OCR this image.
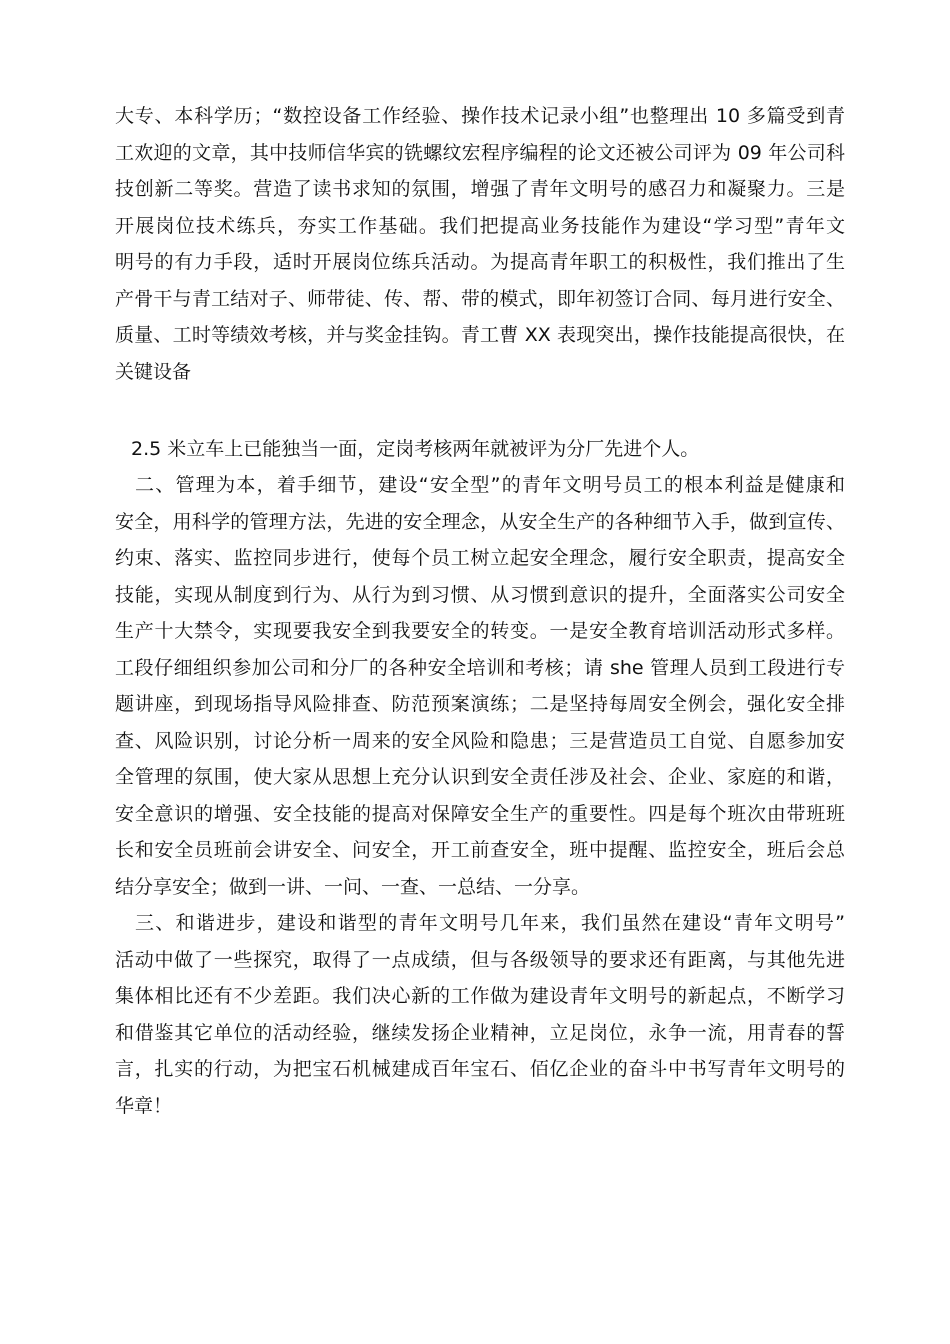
大专、本科学历；“数控设备工作经验、操作技术记录小组”也整理出 10 多篇受到青
工欢迎的文章，其中技师信华宾的铣螺纹宏程序编程的论文还被公司评为 09 年公司科
技创新二等奖。营造了读书求知的氛围，增强了青年文明号的感召力和凝聚力。三是
开展岗位技术练兵，夯实工作基础。我们把提高业务技能作为建设“学习型”青年文
明号的有力手段，适时开展岗位练兵活动。为提高青年职工的积极性，我们推出了生
产骨干与青工结对子、师带徒、传、帮、带的模式，即年初签订合同、每月进行安全、
质量、工时等绩效考核，并与奖金挂钩。青工曹 XX 表现突出，操作技能提高很快，在
关键设备
2.5 米立车上已能独当一面，定岗考核两年就被评为分厂先进个人。
二、管理为本，着手细节，建设“安全型”的青年文明号员工的根本利益是健康和
安全，用科学的管理方法，先进的安全理念，从安全生产的各种细节入手，做到宣传、
约束、落实、监控同步进行，使每个员工树立起安全理念，履行安全职责，提高安全
技能，实现从制度到行为、从行为到习惯、从习惯到意识的提升，全面落实公司安全
生产十大禁令，实现要我安全到我要安全的转变。一是安全教育培训活动形式多样。
工段仔细组织参加公司和分厂的各种安全培训和考核；请 she 管理人员到工段进行专
题讲座，到现场指导风险排查、防范预案演练；二是坚持每周安全例会，强化安全排
查、风险识别，讨论分析一周来的安全风险和隐患；三是营造员工自觉、自愿参加安
全管理的氛围，使大家从思想上充分认识到安全责任涉及社会、企业、家庭的和谐，
安全意识的增强、安全技能的提高对保障安全生产的重要性。四是每个班次由带班班
长和安全员班前会讲安全、问安全，开工前查安全，班中提醒、监控安全，班后会总
结分享安全；做到一讲、一问、一查、一总结、一分享。
三、和谐进步，建设和谐型的青年文明号几年来，我们虽然在建设“青年文明号”
活动中做了一些探究，取得了一点成绩，但与各级领导的要求还有距离，与其他先进
集体相比还有不少差距。我们决心新的工作做为建设青年文明号的新起点，不断学习
和借鉴其它单位的活动经验，继续发扬企业精神，立足岗位，永争一流，用青春的誓
言，扎实的行动，为把宝石机械建成百年宝石、佰亿企业的奋斗中书写青年文明号的
华章！
